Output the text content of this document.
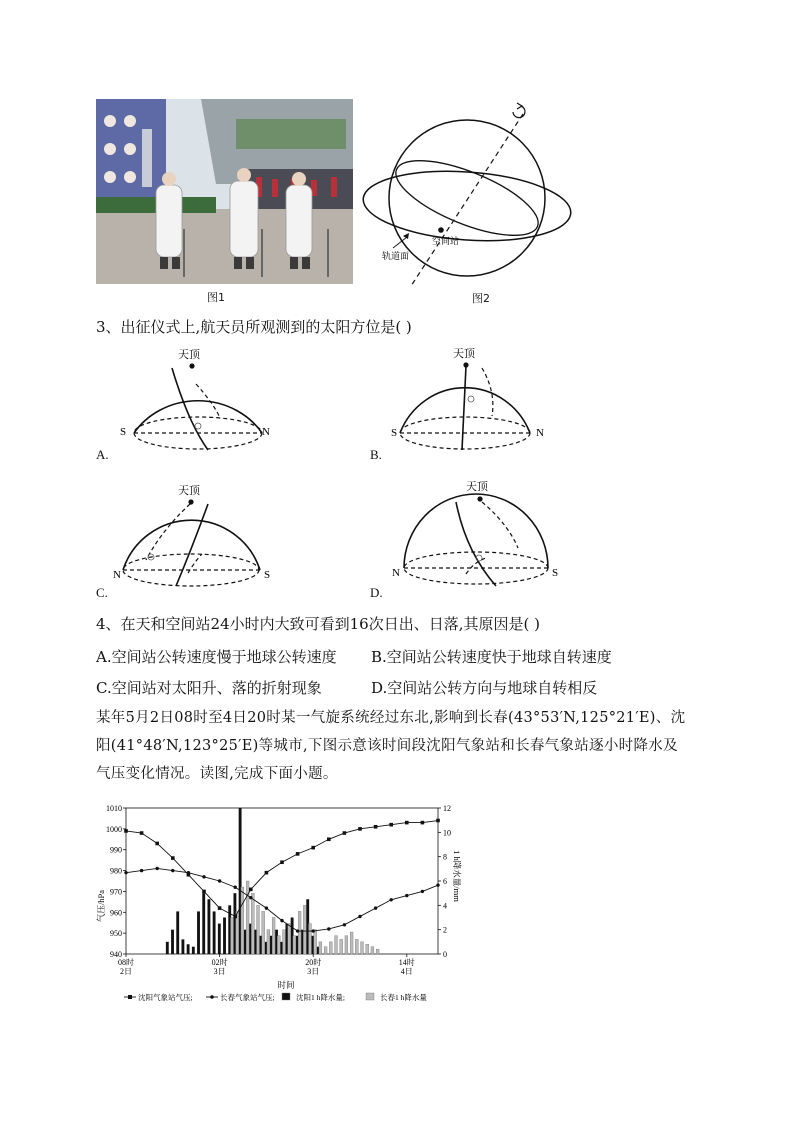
图1
轨道面
空间站
图2
3、出征仪式上,航天员所观测到的太阳方位是( )
天顶
S	N
A.
天顶
S	N
B.
天顶
N	S
C.
天顶
N	S
D.
4、在天和空间站24小时内大致可看到16次日出、日落,其原因是( )
A.空间站公转速度慢于地球公转速度 B.空间站公转速度快于地球自转速度
C.空间站对太阳升、落的折射现象	D.空间站公转方向与地球自转相反
某年5月2日08时至4日20时某一气旋系统经过东北,影响到长春(43°53′N,125°21′E)、沈
阳(41°48′N,123°25′E)等城市,下图示意该时间段沈阳气象站和长春气象站逐小时降水及
气压变化情况。读图,完成下面小题。
940
950
960
970
980
990
1000
1010
0
2
4
6
8
10
12
08时
2日
02时
3日
20时
3日
14时
4日
气压/hPa
1 h降水量/mm
时间
沈阳气象站气压;	长春气象站气压;	沈阳1 h降水量;	长春1 h降水量
